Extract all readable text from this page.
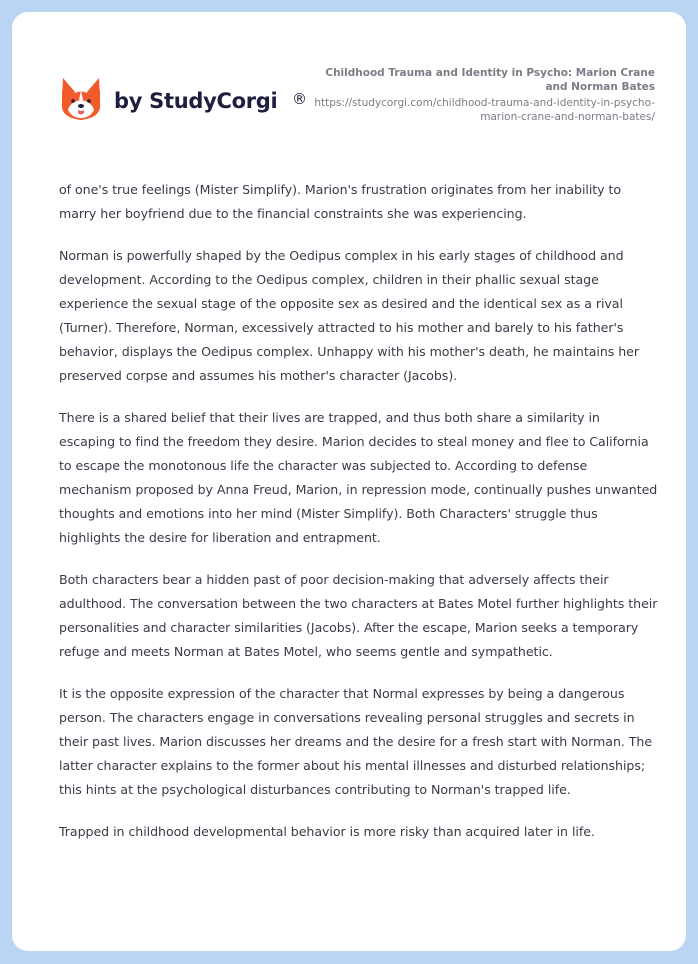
by StudyCorgi ®
Childhood Trauma and Identity in Psycho: Marion Crane and Norman Bates
https://studycorgi.com/childhood-trauma-and-identity-in-psycho-marion-crane-and-norman-bates/

of one's true feelings (Mister Simplify). Marion's frustration originates from her inability to marry her boyfriend due to the financial constraints she was experiencing.

Norman is powerfully shaped by the Oedipus complex in his early stages of childhood and development. According to the Oedipus complex, children in their phallic sexual stage experience the sexual stage of the opposite sex as desired and the identical sex as a rival (Turner). Therefore, Norman, excessively attracted to his mother and barely to his father's behavior, displays the Oedipus complex. Unhappy with his mother's death, he maintains her preserved corpse and assumes his mother's character (Jacobs).

There is a shared belief that their lives are trapped, and thus both share a similarity in escaping to find the freedom they desire. Marion decides to steal money and flee to California to escape the monotonous life the character was subjected to. According to defense mechanism proposed by Anna Freud, Marion, in repression mode, continually pushes unwanted thoughts and emotions into her mind (Mister Simplify). Both Characters' struggle thus highlights the desire for liberation and entrapment.

Both characters bear a hidden past of poor decision-making that adversely affects their adulthood. The conversation between the two characters at Bates Motel further highlights their personalities and character similarities (Jacobs). After the escape, Marion seeks a temporary refuge and meets Norman at Bates Motel, who seems gentle and sympathetic.

It is the opposite expression of the character that Normal expresses by being a dangerous person. The characters engage in conversations revealing personal struggles and secrets in their past lives. Marion discusses her dreams and the desire for a fresh start with Norman. The latter character explains to the former about his mental illnesses and disturbed relationships; this hints at the psychological disturbances contributing to Norman's trapped life.

Trapped in childhood developmental behavior is more risky than acquired later in life.
